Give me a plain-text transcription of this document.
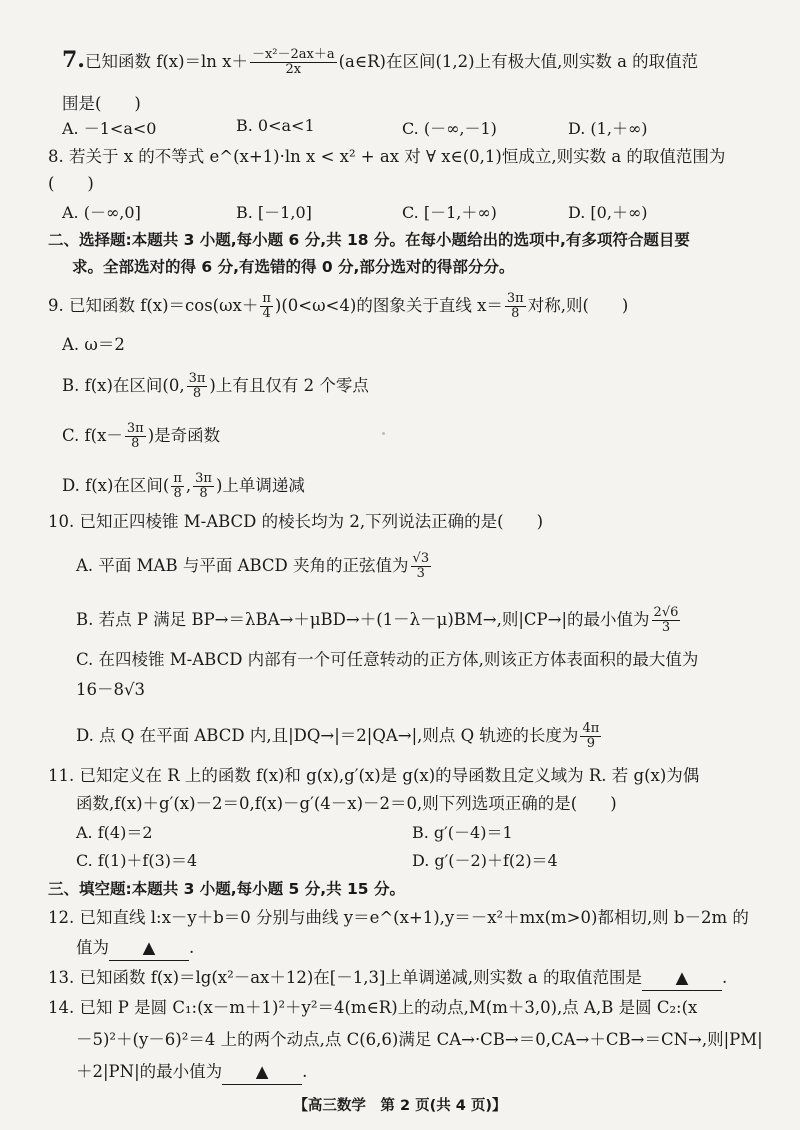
7.已知函数 f(x)＝ln $x+ \frac{\text{－x²－2ax＋a}}{2x}$ (a∈R)在区间(1,2)上有极大值,则实数 a 的取值范
围是(　　)
A. －1<a<0	B. 0<a<1	C. (－∞,－1)	D. (1,＋∞)
8. 若关于 x 的不等式 e^(x+1)·ln x < x² + ax 对 ∀ x∈(0,1)恒成立,则实数 a 的取值范围为
(　　)
A. (－∞,0]	B. [－1,0]	C. [－1,＋∞)	D. [0,＋∞)
二、选择题:本题共 3 小题,每小题 6 分,共 18 分。在每小题给出的选项中,有多项符合题目要
求。全部选对的得 6 分,有选错的得 0 分,部分选对的得部分分。
9. 已知函数 $f(x)=\cos(\omega x+ \frac{\pi}{4} )(0<\omega<4)$的图象关于直线 $x= \frac{3\pi}{8}$ 对称,则(　　)
A. ω＝2
B. f(x)在区间(0, $\frac{3\pi}{8}$ )上有且仅有 2 个零点
C. $f(x- \frac{3\pi}{8}$ )是奇函数
D. f(x)在区间( $\frac{\pi}{8}$ , $\frac{3\pi}{8}$ )上单调递减
10. 已知正四棱锥 M-ABCD 的棱长均为 2,下列说法正确的是(　　)
A. 平面 MAB 与平面 ABCD 夹角的正弦值为 $\frac{√3}{3}$
B. 若点 P 满足 BP→＝λBA→＋μBD→＋(1－λ－μ)BM→,则|CP→|的最小值为 $\frac{2√6}{3}$
C. 在四棱锥 M-ABCD 内部有一个可任意转动的正方体,则该正方体表面积的最大值为
16－8√3
D. 点 Q 在平面 ABCD 内,且|DQ→|＝2|QA→|,则点 Q 轨迹的长度为 $\frac{4\pi}{9}$
11. 已知定义在 R 上的函数 f(x)和 g(x),g′(x)是 g(x)的导函数且定义域为 R. 若 g(x)为偶
函数,f(x)＋g′(x)－2＝0,f(x)－g′(4－x)－2＝0,则下列选项正确的是(　　)
A. f(4)＝2	B. g′(－4)＝1
C. f(1)＋f(3)＝4	D. g′(－2)＋f(2)＝4
三、填空题:本题共 3 小题,每小题 5 分,共 15 分。
12. 已知直线 l:x－y＋b＝0 分别与曲线 y＝e^(x+1),y＝－x²＋mx(m>0)都相切,则 b－2m 的
值为 ▲ .
13. 已知函数 f(x)＝lg(x²－ax＋12)在[－1,3]上单调递减,则实数 a 的取值范围是 ▲ .
14. 已知 P 是圆 C₁:(x－m＋1)²＋y²＝4(m∈R)上的动点,M(m＋3,0),点 A,B 是圆 C₂:(x
－5)²＋(y－6)²＝4 上的两个动点,点 C(6,6)满足 CA→·CB→＝0,CA→＋CB→＝CN→,则|PM|
＋2|PN|的最小值为 ▲ .
【高三数学　第 2 页(共 4 页)】
